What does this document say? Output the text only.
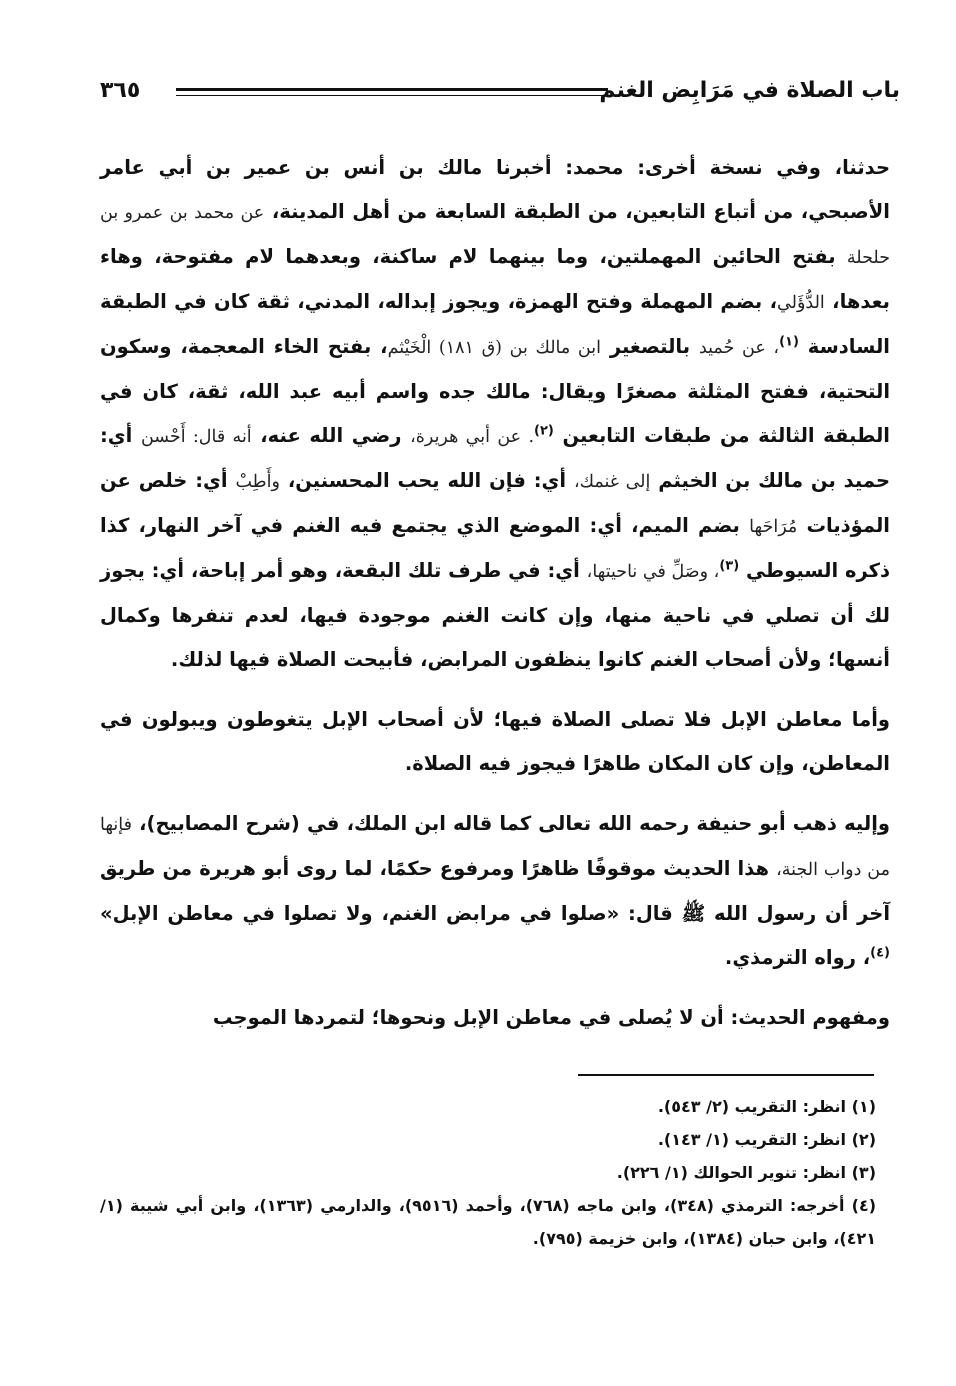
باب الصلاة في مَرَابِض الغنم
٣٦٥

حدثنا، وفي نسخة أخرى: محمد: أخبرنا مالك بن أنس بن عمير بن أبي عامر الأصبحي، من أتباع التابعين، من الطبقة السابعة من أهل المدينة، عن محمد بن عمرو بن حلحلة بفتح الحائين المهملتين، وما بينهما لام ساكنة، وبعدهما لام مفتوحة، وهاء بعدها، الدُّؤَلي، بضم المهملة وفتح الهمزة، ويجوز إبداله، المدني، ثقة كان في الطبقة السادسة $^{(١)}$، عن حُميد بالتصغير ابن مالك بن (ق ١٨١) الْخَيْثم، بفتح الخاء المعجمة، وسكون التحتية، ففتح المثلثة مصغرًا ويقال: مالك جده واسم أبيه عبد الله، ثقة، كان في الطبقة الثالثة من طبقات التابعين $^{(٢)}$. عن أبي هريرة، رضي الله عنه، أنه قال: أَحْسن أي: حميد بن مالك بن الخيثم إلى غنمك، أي: فإن الله يحب المحسنين، وأَطِبْ أي: خلص عن المؤذيات مُرَاحَها بضم الميم، أي: الموضع الذي يجتمع فيه الغنم في آخر النهار، كذا ذكره السيوطي $^{(٣)}$، وصَلِّ في ناحيتها، أي: في طرف تلك البقعة، وهو أمر إباحة، أي: يجوز لك أن تصلي في ناحية منها، وإن كانت الغنم موجودة فيها، لعدم تنفرها وكمال أنسها؛ ولأن أصحاب الغنم كانوا ينظفون المرابض، فأبيحت الصلاة فيها لذلك.

وأما معاطن الإبل فلا تصلى الصلاة فيها؛ لأن أصحاب الإبل يتغوطون ويبولون في المعاطن، وإن كان المكان طاهرًا فيجوز فيه الصلاة.

وإليه ذهب أبو حنيفة رحمه الله تعالى كما قاله ابن الملك، في (شرح المصابيح)، فإنها من دواب الجنة، هذا الحديث موقوفًا ظاهرًا ومرفوع حكمًا، لما روى أبو هريرة من طريق آخر أن رسول الله ﷺ قال: «صلوا في مرابض الغنم، ولا تصلوا في معاطن الإبل» $^{(٤)}$، رواه الترمذي.

ومفهوم الحديث: أن لا يُصلى في معاطن الإبل ونحوها؛ لتمردها الموجب

(١) انظر: التقريب (٢/ ٥٤٣).

(٢) انظر: التقريب (١/ ١٤٣).

(٣) انظر: تنوير الحوالك (١/ ٢٢٦).

(٤) أخرجه: الترمذي (٣٤٨)، وابن ماجه (٧٦٨)، وأحمد (٩٥١٦)، والدارمي (١٣٦٣)، وابن أبي شيبة (١/ ٤٢١)، وابن حبان (١٣٨٤)، وابن خزيمة (٧٩٥).
